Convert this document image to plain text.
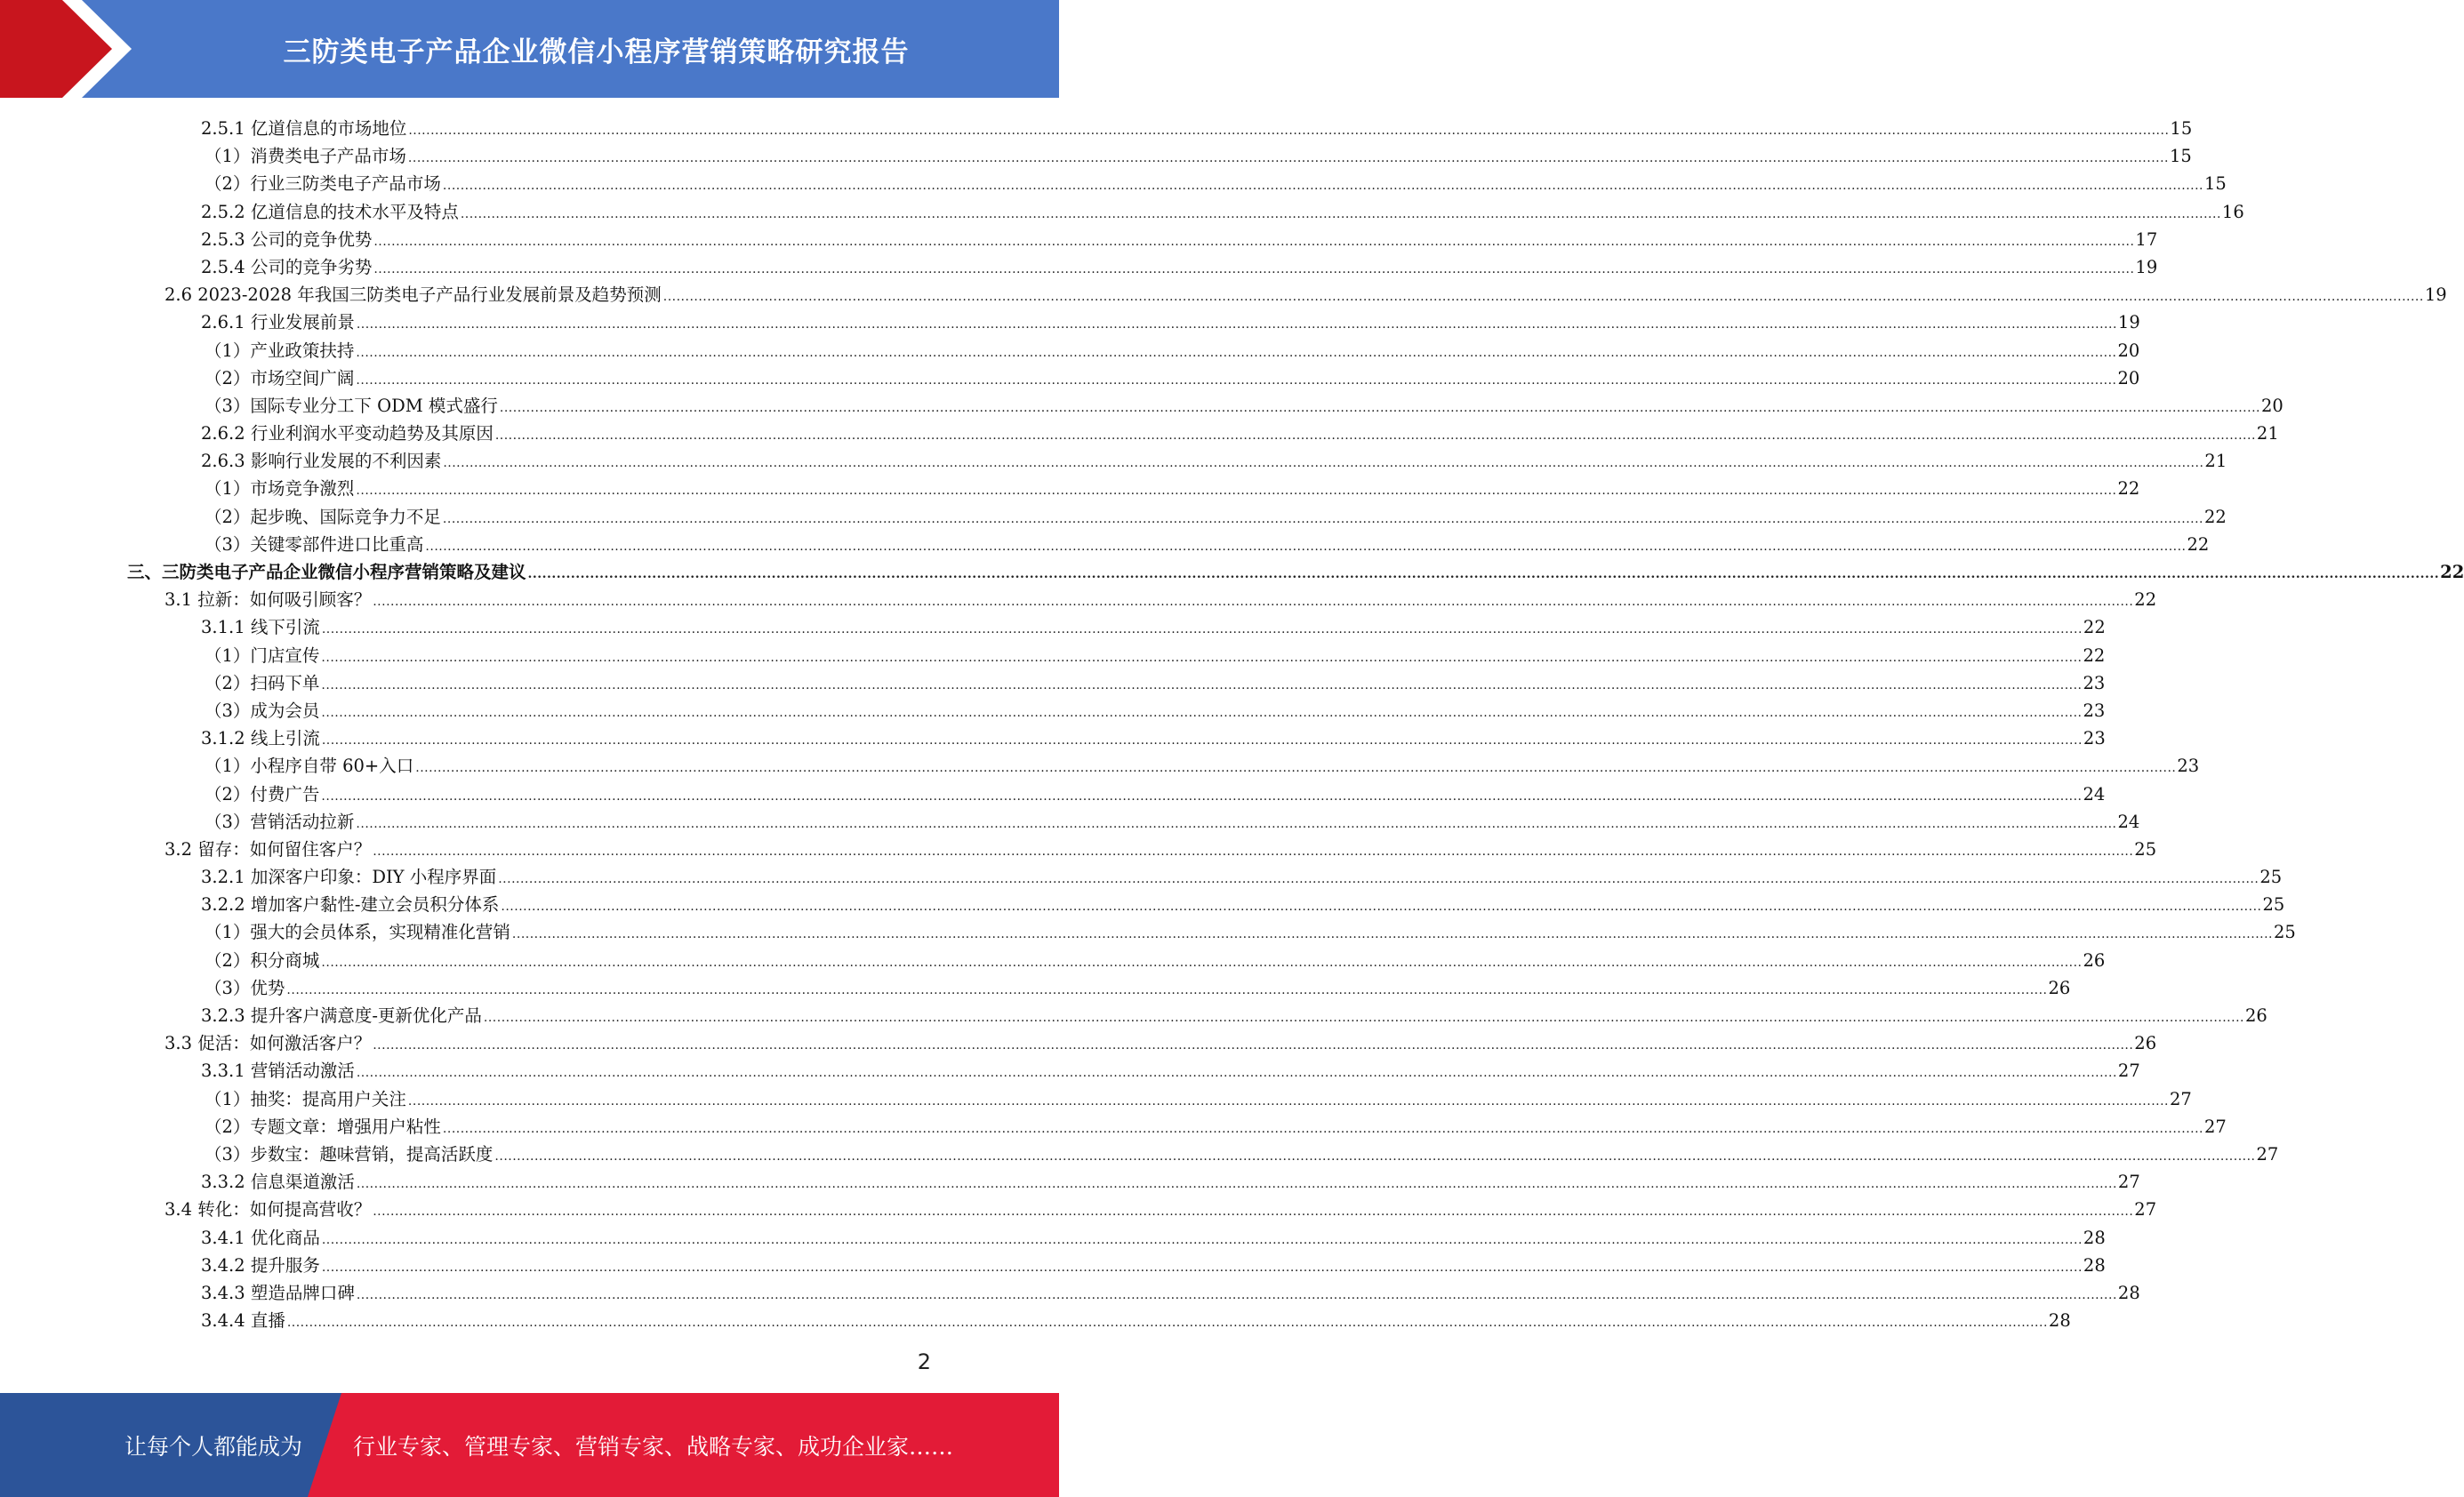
三防类电子产品企业微信小程序营销策略研究报告
2.5.1 亿道信息的市场地位 ................................................................................................................................................................................................................................................................................................................................................................................................................ 15
（1）消费类电子产品市场 ................................................................................................................................................................................................................................................................................................................................................................................................................ 15
（2）行业三防类电子产品市场 ................................................................................................................................................................................................................................................................................................................................................................................................................ 15
2.5.2 亿道信息的技术水平及特点 ................................................................................................................................................................................................................................................................................................................................................................................................................ 16
2.5.3 公司的竞争优势 ................................................................................................................................................................................................................................................................................................................................................................................................................ 17
2.5.4 公司的竞争劣势 ................................................................................................................................................................................................................................................................................................................................................................................................................ 19
2.6 2023-2028 年我国三防类电子产品行业发展前景及趋势预测 ................................................................................................................................................................................................................................................................................................................................................................................................................ 19
2.6.1 行业发展前景 ................................................................................................................................................................................................................................................................................................................................................................................................................ 19
（1）产业政策扶持 ................................................................................................................................................................................................................................................................................................................................................................................................................ 20
（2）市场空间广阔 ................................................................................................................................................................................................................................................................................................................................................................................................................ 20
（3）国际专业分工下 ODM 模式盛行 ................................................................................................................................................................................................................................................................................................................................................................................................................ 20
2.6.2 行业利润水平变动趋势及其原因 ................................................................................................................................................................................................................................................................................................................................................................................................................ 21
2.6.3 影响行业发展的不利因素 ................................................................................................................................................................................................................................................................................................................................................................................................................ 21
（1）市场竞争激烈 ................................................................................................................................................................................................................................................................................................................................................................................................................ 22
（2）起步晚、国际竞争力不足 ................................................................................................................................................................................................................................................................................................................................................................................................................ 22
（3）关键零部件进口比重高 ................................................................................................................................................................................................................................................................................................................................................................................................................ 22
三、三防类电子产品企业微信小程序营销策略及建议 ................................................................................................................................................................................................................................................................................................................................................................................................................ 22
3.1 拉新：如何吸引顾客？ ................................................................................................................................................................................................................................................................................................................................................................................................................ 22
3.1.1 线下引流 ................................................................................................................................................................................................................................................................................................................................................................................................................ 22
（1）门店宣传 ................................................................................................................................................................................................................................................................................................................................................................................................................ 22
（2）扫码下单 ................................................................................................................................................................................................................................................................................................................................................................................................................ 23
（3）成为会员 ................................................................................................................................................................................................................................................................................................................................................................................................................ 23
3.1.2 线上引流 ................................................................................................................................................................................................................................................................................................................................................................................................................ 23
（1）小程序自带 60+入口 ................................................................................................................................................................................................................................................................................................................................................................................................................ 23
（2）付费广告 ................................................................................................................................................................................................................................................................................................................................................................................................................ 24
（3）营销活动拉新 ................................................................................................................................................................................................................................................................................................................................................................................................................ 24
3.2 留存：如何留住客户？ ................................................................................................................................................................................................................................................................................................................................................................................................................ 25
3.2.1 加深客户印象：DIY 小程序界面 ................................................................................................................................................................................................................................................................................................................................................................................................................ 25
3.2.2 增加客户黏性-建立会员积分体系 ................................................................................................................................................................................................................................................................................................................................................................................................................ 25
（1）强大的会员体系，实现精准化营销 ................................................................................................................................................................................................................................................................................................................................................................................................................ 25
（2）积分商城 ................................................................................................................................................................................................................................................................................................................................................................................................................ 26
（3）优势 ................................................................................................................................................................................................................................................................................................................................................................................................................ 26
3.2.3 提升客户满意度-更新优化产品 ................................................................................................................................................................................................................................................................................................................................................................................................................ 26
3.3 促活：如何激活客户？ ................................................................................................................................................................................................................................................................................................................................................................................................................ 26
3.3.1 营销活动激活 ................................................................................................................................................................................................................................................................................................................................................................................................................ 27
（1）抽奖：提高用户关注 ................................................................................................................................................................................................................................................................................................................................................................................................................ 27
（2）专题文章：增强用户粘性 ................................................................................................................................................................................................................................................................................................................................................................................................................ 27
（3）步数宝：趣味营销，提高活跃度 ................................................................................................................................................................................................................................................................................................................................................................................................................ 27
3.3.2 信息渠道激活 ................................................................................................................................................................................................................................................................................................................................................................................................................ 27
3.4 转化：如何提高营收？ ................................................................................................................................................................................................................................................................................................................................................................................................................ 27
3.4.1 优化商品 ................................................................................................................................................................................................................................................................................................................................................................................................................ 28
3.4.2 提升服务 ................................................................................................................................................................................................................................................................................................................................................................................................................ 28
3.4.3 塑造品牌口碑 ................................................................................................................................................................................................................................................................................................................................................................................................................ 28
3.4.4 直播 ................................................................................................................................................................................................................................................................................................................................................................................................................ 28
2
让每个人都能成为 行业专家、管理专家、营销专家、战略专家、成功企业家……
